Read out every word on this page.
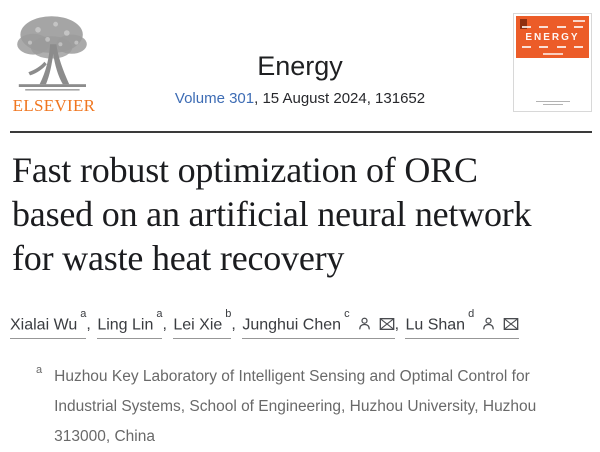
ELSEVIER
Energy
Volume 301, 15 August 2024, 131652
ENERGY
Fast robust optimization of ORC based on an artificial neural network for waste heat recovery
Xialai Wu$^a$, Ling Lin$^a$, Lei Xie$^b$, Junghui Chen$^c$, Lu Shan$^d$
a Huzhou Key Laboratory of Intelligent Sensing and Optimal Control for Industrial Systems, School of Engineering, Huzhou University, Huzhou 313000, China
